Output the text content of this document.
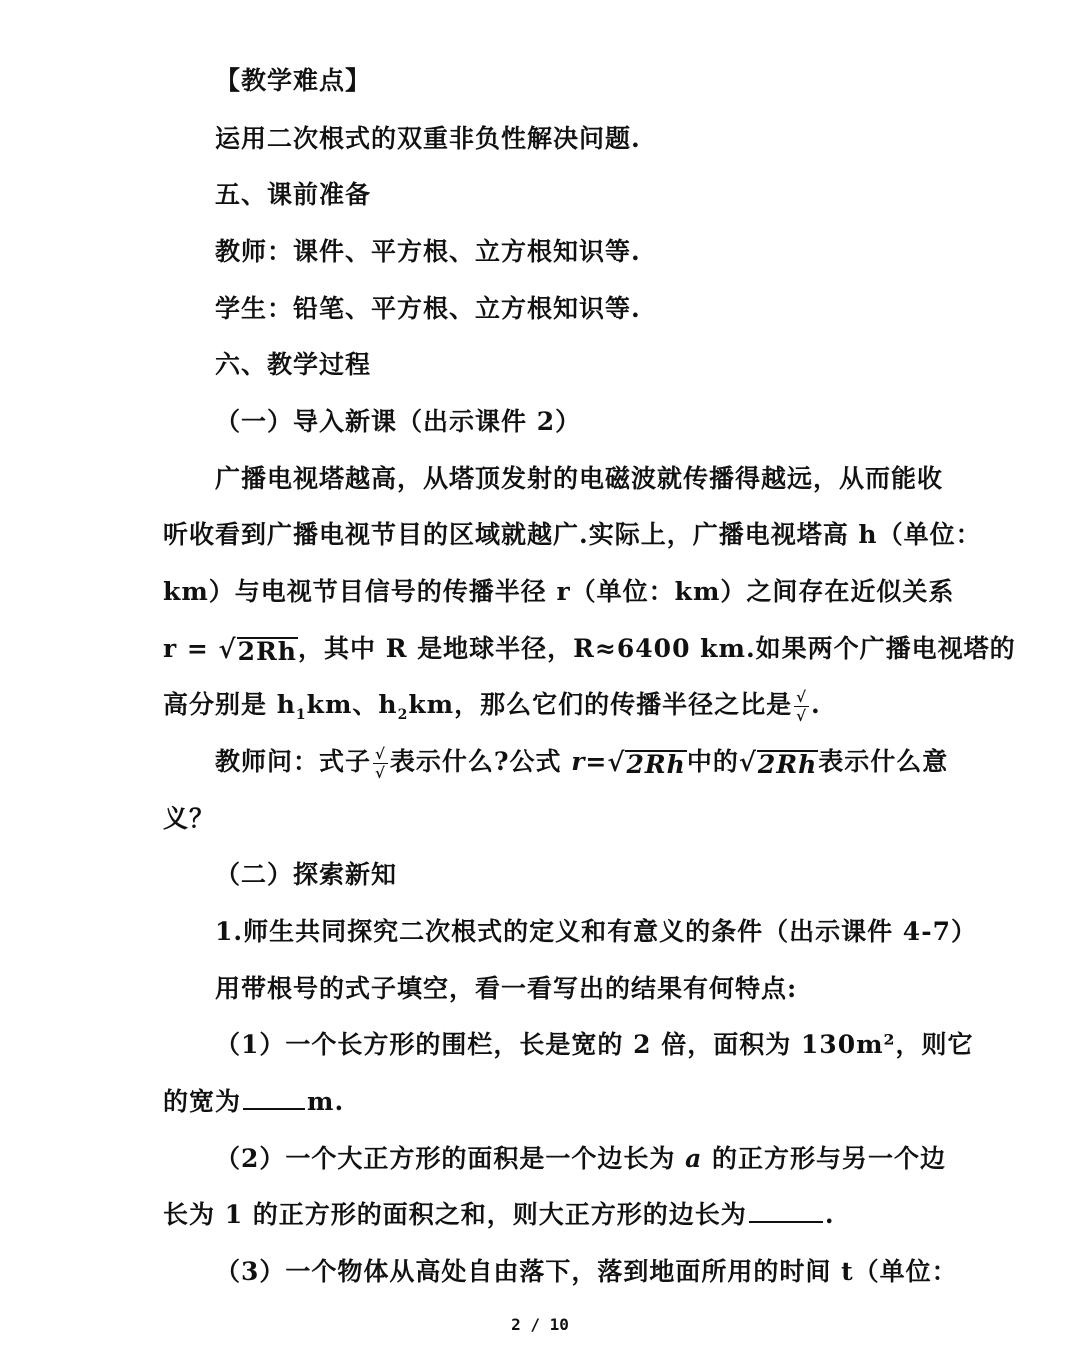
【教学难点】
运用二次根式的双重非负性解决问题.
五、课前准备
教师：课件、平方根、立方根知识等.
学生：铅笔、平方根、立方根知识等.
六、教学过程
（一）导入新课（出示课件 2）
广播电视塔越高，从塔顶发射的电磁波就传播得越远，从而能收
听收看到广播电视节目的区域就越广.实际上，广播电视塔高 h（单位：
km）与电视节目信号的传播半径 r（单位：km）之间存在近似关系
r = √ 2Rh ，其中 R 是地球半径，R≈6400 km.如果两个广播电视塔的
高分别是 $h_1km$、$h_2km$，那么它们的传播半径之比是 $\frac{√}{√}$ .
教师问：式子 $\frac{√}{√}$ 表示什么?公式 r= √ 2Rh 中的 √ 2Rh 表示什么意
义？
（二）探索新知
1.师生共同探究二次根式的定义和有意义的条件（出示课件 4-7）
用带根号的式子填空，看一看写出的结果有何特点:
（1）一个长方形的围栏，长是宽的 2 倍，面积为 130m²，则它
的宽为	m.
（2）一个大正方形的面积是一个边长为 a 的正方形与另一个边
长为 1 的正方形的面积之和，则大正方形的边长为	.
（3）一个物体从高处自由落下，落到地面所用的时间 t（单位：
2 / 10
